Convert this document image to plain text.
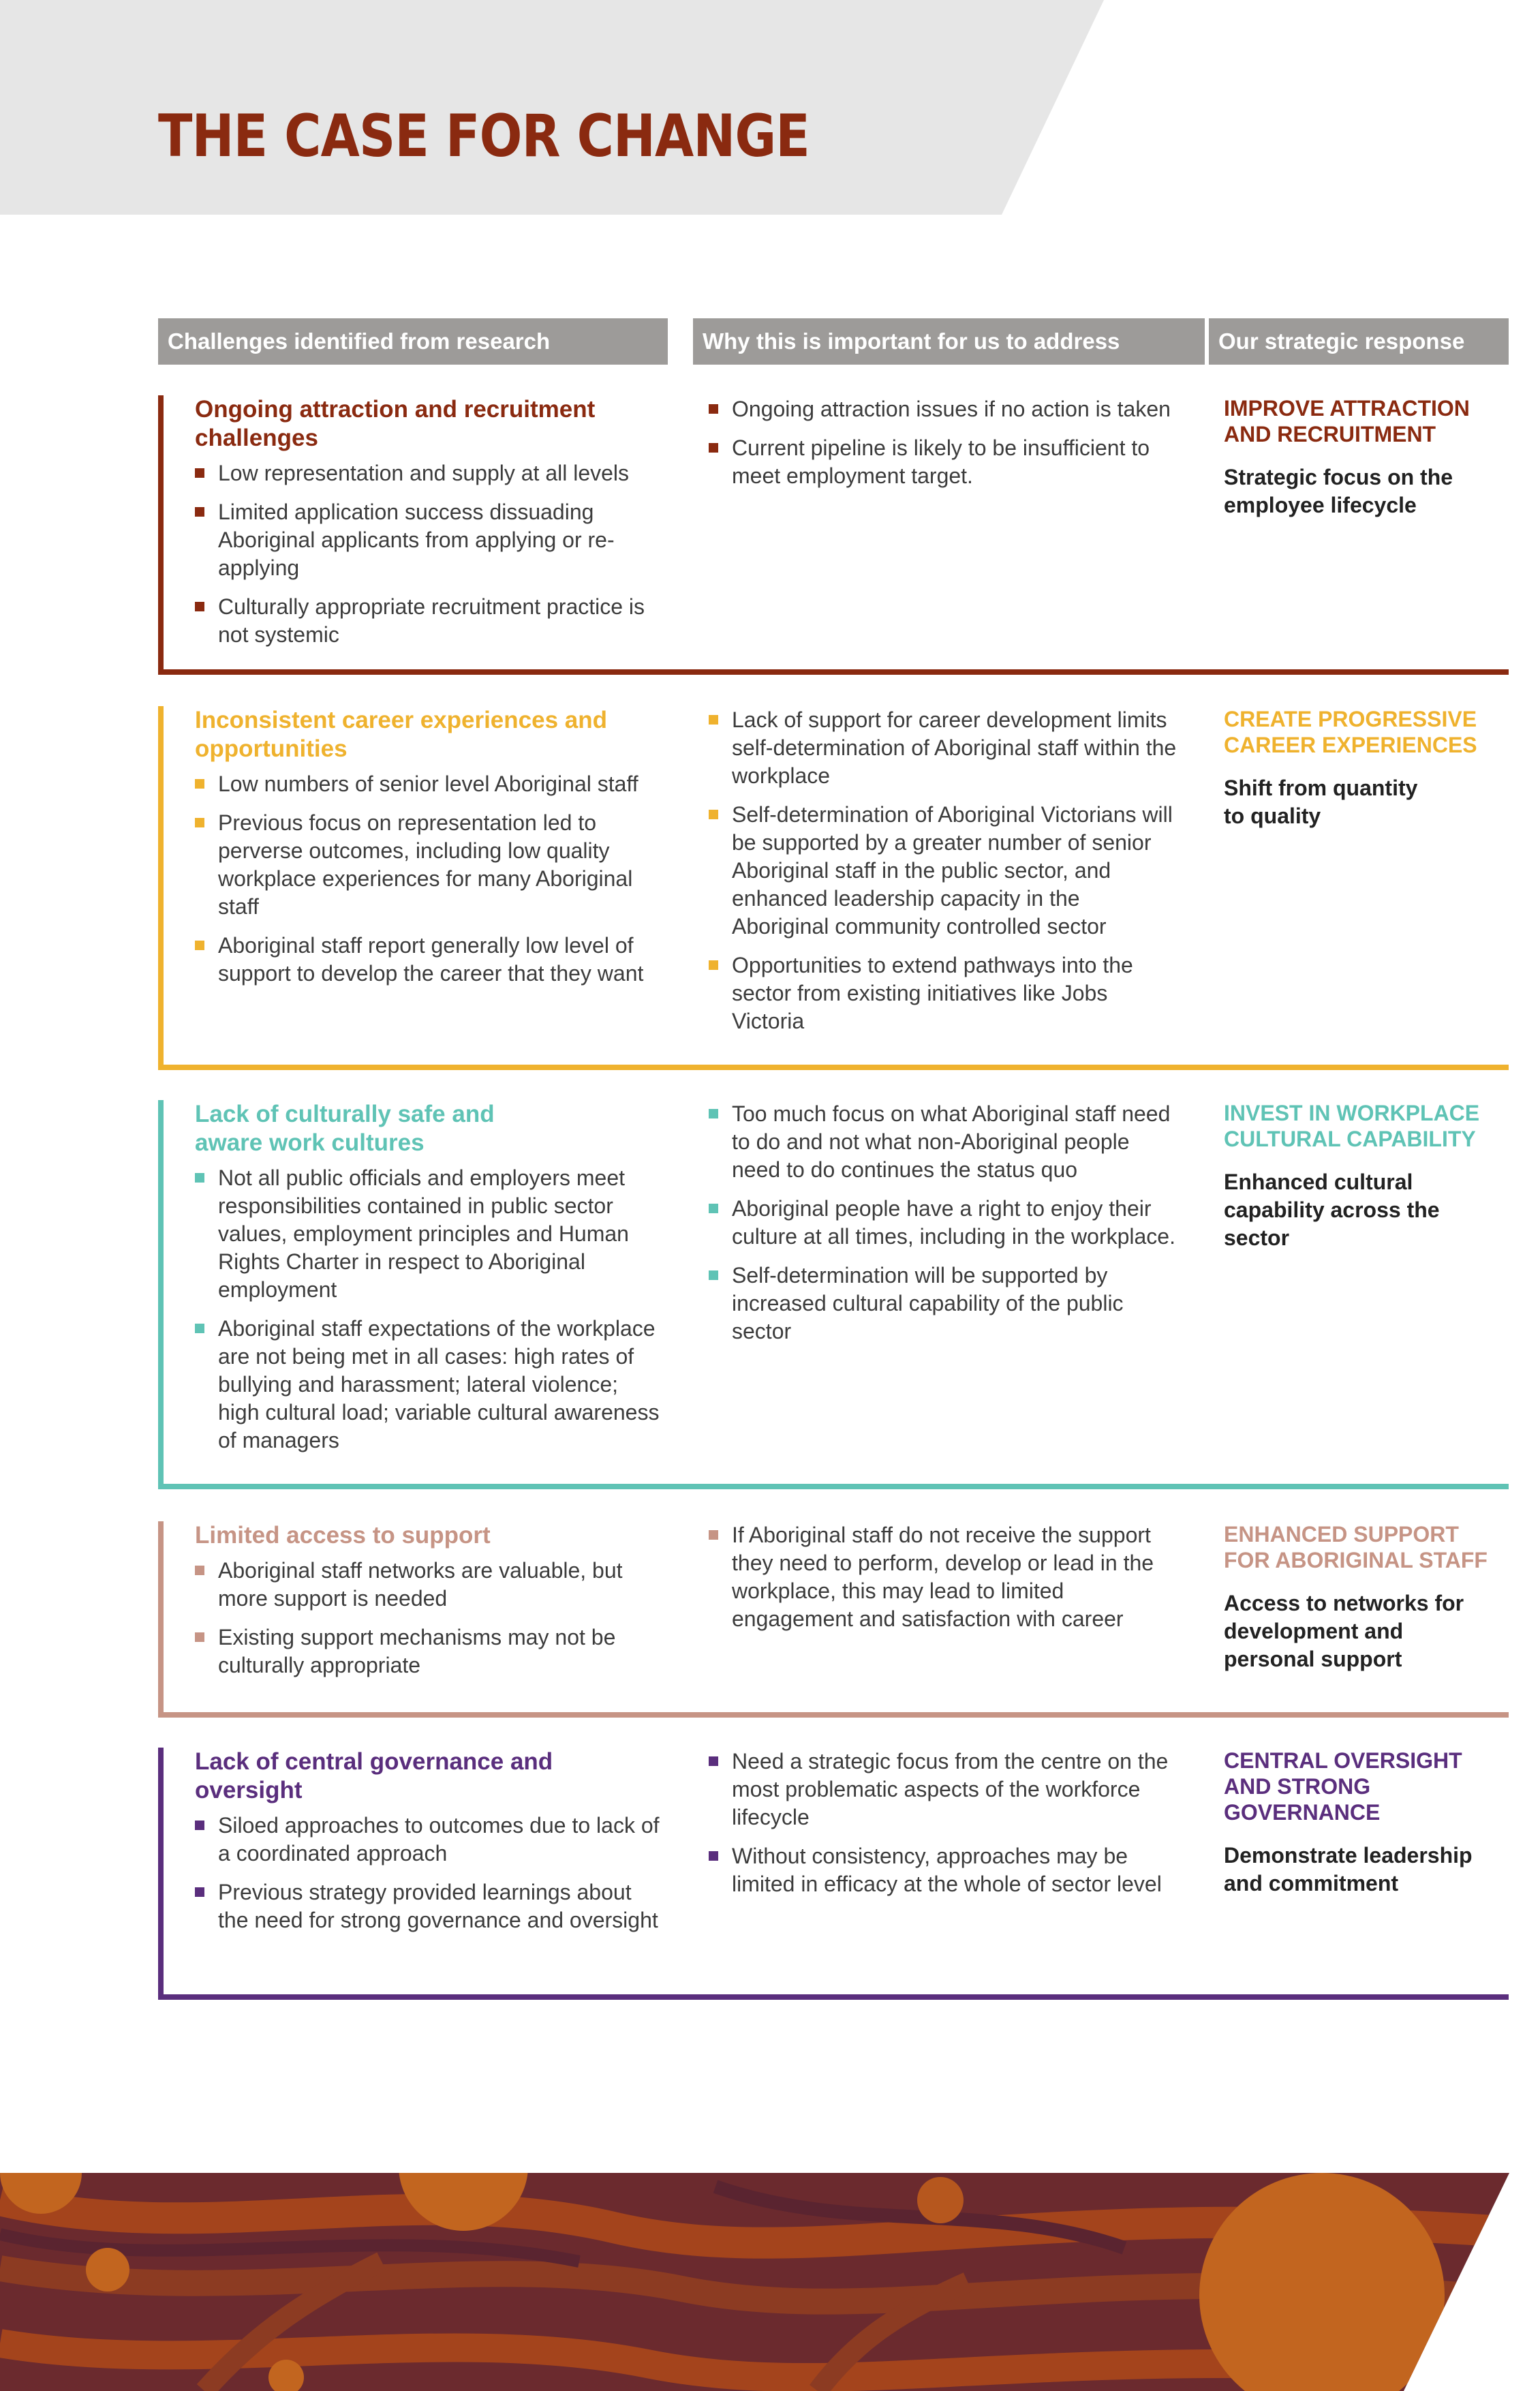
THE CASE FOR CHANGE
Challenges identified from research	Why this is important for us to address	Our strategic response
Ongoing attraction and recruitment challenges
Low representation and supply at all levels
Limited application success dissuading Aboriginal applicants from applying or re-applying
Culturally appropriate recruitment practice is not systemic
Ongoing attraction issues if no action is taken
Current pipeline is likely to be insufficient to meet employment target.
IMPROVE ATTRACTION AND RECRUITMENT

Strategic focus on the employee lifecycle

Inconsistent career experiences and opportunities
Low numbers of senior level Aboriginal staff
Previous focus on representation led to perverse outcomes, including low quality workplace experiences for many Aboriginal staff
Aboriginal staff report generally low level of support to develop the career that they want
Lack of support for career development limits self-determination of Aboriginal staff within the workplace
Self-determination of Aboriginal Victorians will be supported by a greater number of senior Aboriginal staff in the public sector, and enhanced leadership capacity in the Aboriginal community controlled sector
Opportunities to extend pathways into the sector from existing initiatives like Jobs Victoria
CREATE PROGRESSIVE CAREER EXPERIENCES

Shift from quantity to quality

Lack of culturally safe and aware work cultures
Not all public officials and employers meet responsibilities contained in public sector values, employment principles and Human Rights Charter in respect to Aboriginal employment
Aboriginal staff expectations of the workplace are not being met in all cases: high rates of bullying and harassment; lateral violence; high cultural load; variable cultural awareness of managers
Too much focus on what Aboriginal staff need to do and not what non-Aboriginal people need to do continues the status quo
Aboriginal people have a right to enjoy their culture at all times, including in the workplace.
Self-determination will be supported by increased cultural capability of the public sector
INVEST IN WORKPLACE CULTURAL CAPABILITY

Enhanced cultural capability across the sector

Limited access to support
Aboriginal staff networks are valuable, but more support is needed
Existing support mechanisms may not be culturally appropriate
If Aboriginal staff do not receive the support they need to perform, develop or lead in the workplace, this may lead to limited engagement and satisfaction with career
ENHANCED SUPPORT FOR ABORIGINAL STAFF

Access to networks for development and personal support

Lack of central governance and oversight
Siloed approaches to outcomes due to lack of a coordinated approach
Previous strategy provided learnings about the need for strong governance and oversight
Need a strategic focus from the centre on the most problematic aspects of the workforce lifecycle
Without consistency, approaches may be limited in efficacy at the whole of sector level
CENTRAL OVERSIGHT AND STRONG GOVERNANCE

Demonstrate leadership and commitment
